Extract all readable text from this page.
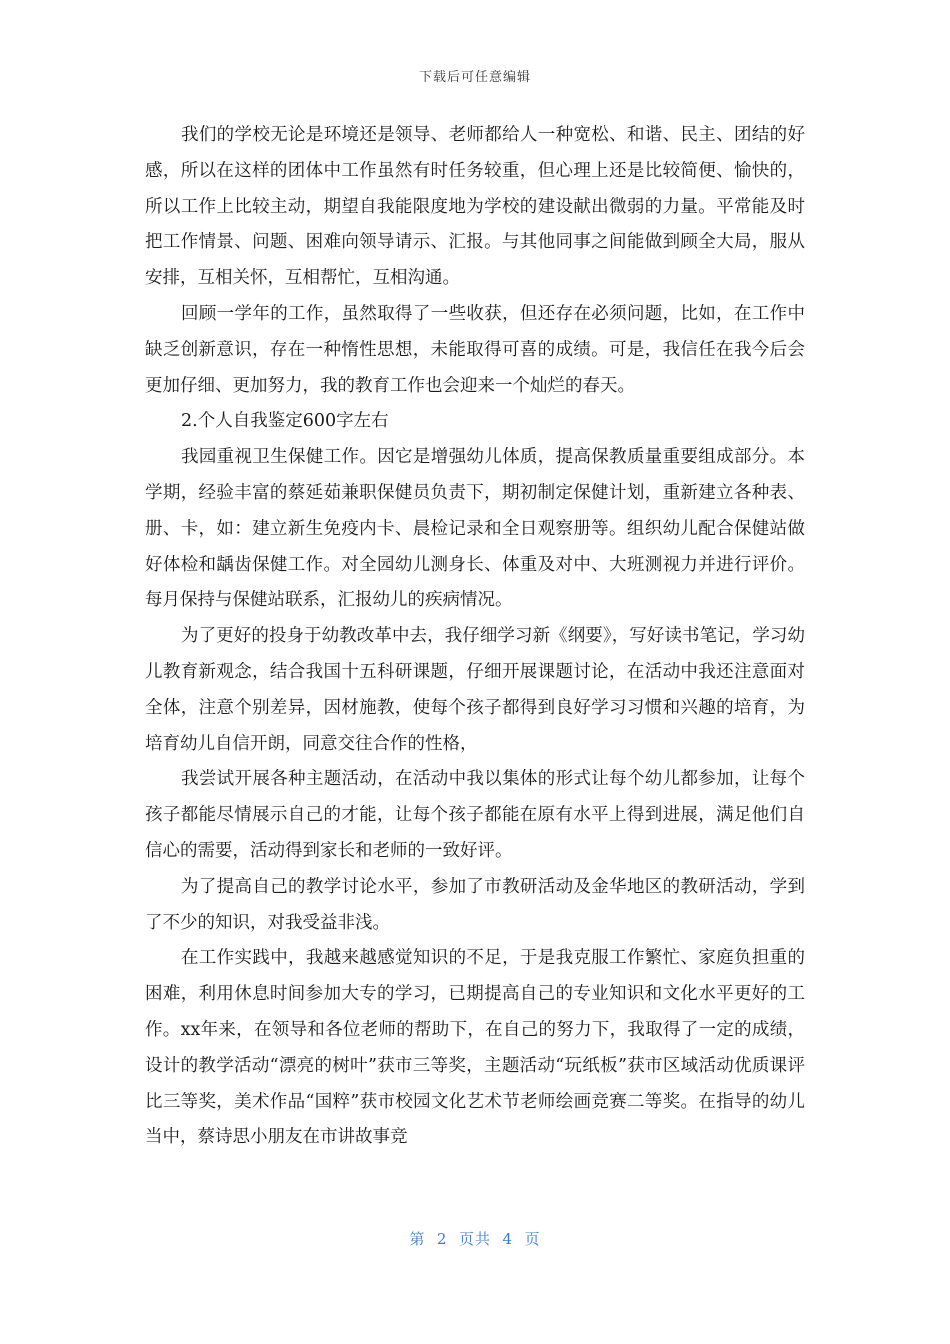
下载后可任意编辑

我们的学校无论是环境还是领导、老师都给人一种宽松、和谐、民主、团结的好感，所以在这样的团体中工作虽然有时任务较重，但心理上还是比较简便、愉快的，所以工作上比较主动，期望自我能限度地为学校的建设献出微弱的力量。平常能及时把工作情景、问题、困难向领导请示、汇报。与其他同事之间能做到顾全大局，服从安排，互相关怀，互相帮忙，互相沟通。

回顾一学年的工作，虽然取得了一些收获，但还存在必须问题，比如，在工作中缺乏创新意识，存在一种惰性思想，未能取得可喜的成绩。可是，我信任在我今后会更加仔细、更加努力，我的教育工作也会迎来一个灿烂的春天。

2.个人自我鉴定600字左右

我园重视卫生保健工作。因它是增强幼儿体质，提高保教质量重要组成部分。本学期，经验丰富的蔡延茹兼职保健员负责下，期初制定保健计划，重新建立各种表、册、卡，如：建立新生免疫内卡、晨检记录和全日观察册等。组织幼儿配合保健站做好体检和龋齿保健工作。对全园幼儿测身长、体重及对中、大班测视力并进行评价。每月保持与保健站联系，汇报幼儿的疾病情况。

为了更好的投身于幼教改革中去，我仔细学习新《纲要》，写好读书笔记，学习幼儿教育新观念，结合我国十五科研课题，仔细开展课题讨论，在活动中我还注意面对全体，注意个别差异，因材施教，使每个孩子都得到良好学习习惯和兴趣的培育，为培育幼儿自信开朗，同意交往合作的性格，

我尝试开展各种主题活动，在活动中我以集体的形式让每个幼儿都参加，让每个孩子都能尽情展示自己的才能，让每个孩子都能在原有水平上得到进展，满足他们自信心的需要，活动得到家长和老师的一致好评。

为了提高自己的教学讨论水平，参加了市教研活动及金华地区的教研活动，学到了不少的知识，对我受益非浅。

在工作实践中，我越来越感觉知识的不足，于是我克服工作繁忙、家庭负担重的困难，利用休息时间参加大专的学习，已期提高自己的专业知识和文化水平更好的工作。xx年来，在领导和各位老师的帮助下，在自己的努力下，我取得了一定的成绩，设计的教学活动“漂亮的树叶”获市三等奖，主题活动“玩纸板”获市区域活动优质课评比三等奖，美术作品“国粹”获市校园文化艺术节老师绘画竞赛二等奖。在指导的幼儿当中，蔡诗思小朋友在市讲故事竞

第  2  页共  4  页
